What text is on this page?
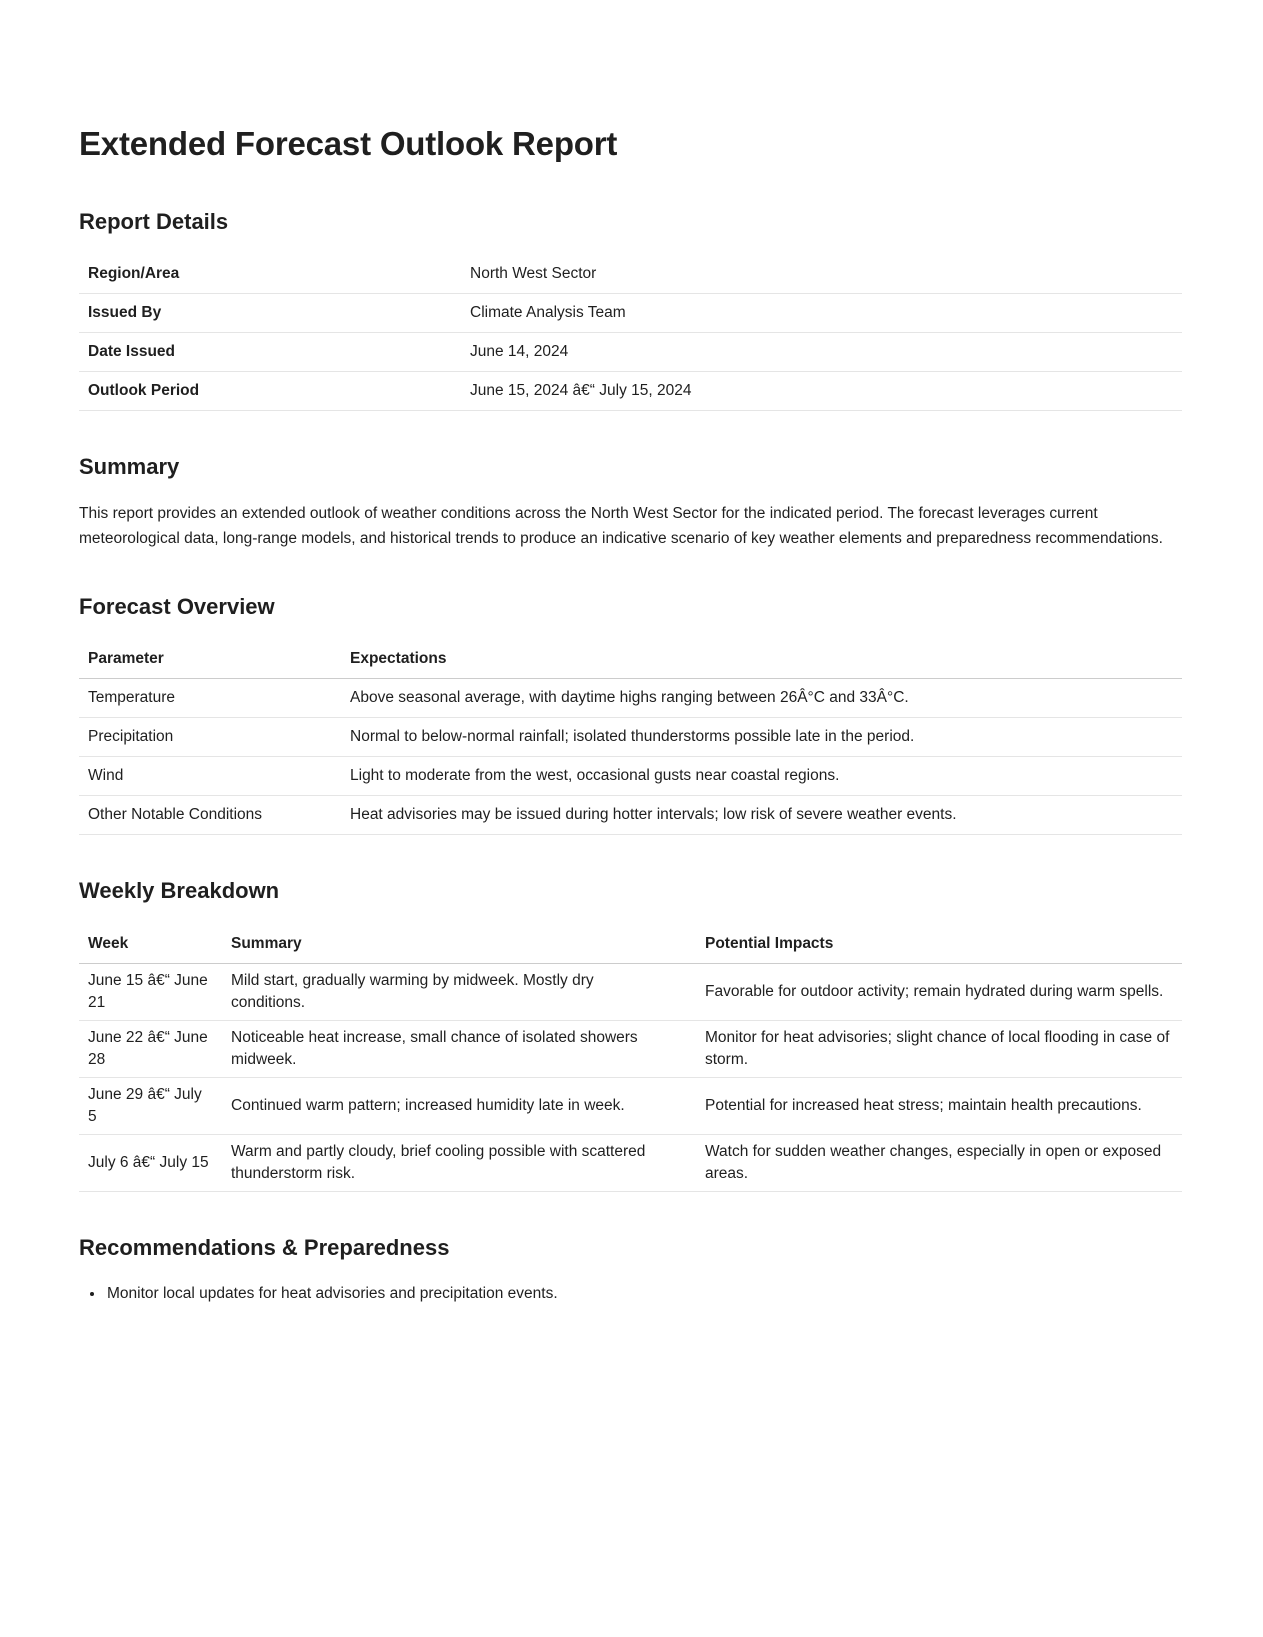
Extended Forecast Outlook Report
Report Details
Region/Area	North West Sector
Issued By	Climate Analysis Team
Date Issued	June 14, 2024
Outlook Period	June 15, 2024 â€“ July 15, 2024
Summary

This report provides an extended outlook of weather conditions across the North West Sector for the indicated period. The forecast leverages current meteorological data, long-range models, and historical trends to produce an indicative scenario of key weather elements and preparedness recommendations.

Forecast Overview
Parameter	Expectations
Temperature	Above seasonal average, with daytime highs ranging between 26Â°C and 33Â°C.
Precipitation	Normal to below-normal rainfall; isolated thunderstorms possible late in the period.
Wind	Light to moderate from the west, occasional gusts near coastal regions.
Other Notable Conditions	Heat advisories may be issued during hotter intervals; low risk of severe weather events.
Weekly Breakdown
Week	Summary	Potential Impacts
June 15 â€“ June 21	Mild start, gradually warming by midweek. Mostly dry conditions.	Favorable for outdoor activity; remain hydrated during warm spells.
June 22 â€“ June 28	Noticeable heat increase, small chance of isolated showers midweek.	Monitor for heat advisories; slight chance of local flooding in case of storm.
June 29 â€“ July 5	Continued warm pattern; increased humidity late in week.	Potential for increased heat stress; maintain health precautions.
July 6 â€“ July 15	Warm and partly cloudy, brief cooling possible with scattered thunderstorm risk.	Watch for sudden weather changes, especially in open or exposed areas.
Recommendations & Preparedness
• Monitor local updates for heat advisories and precipitation events.
